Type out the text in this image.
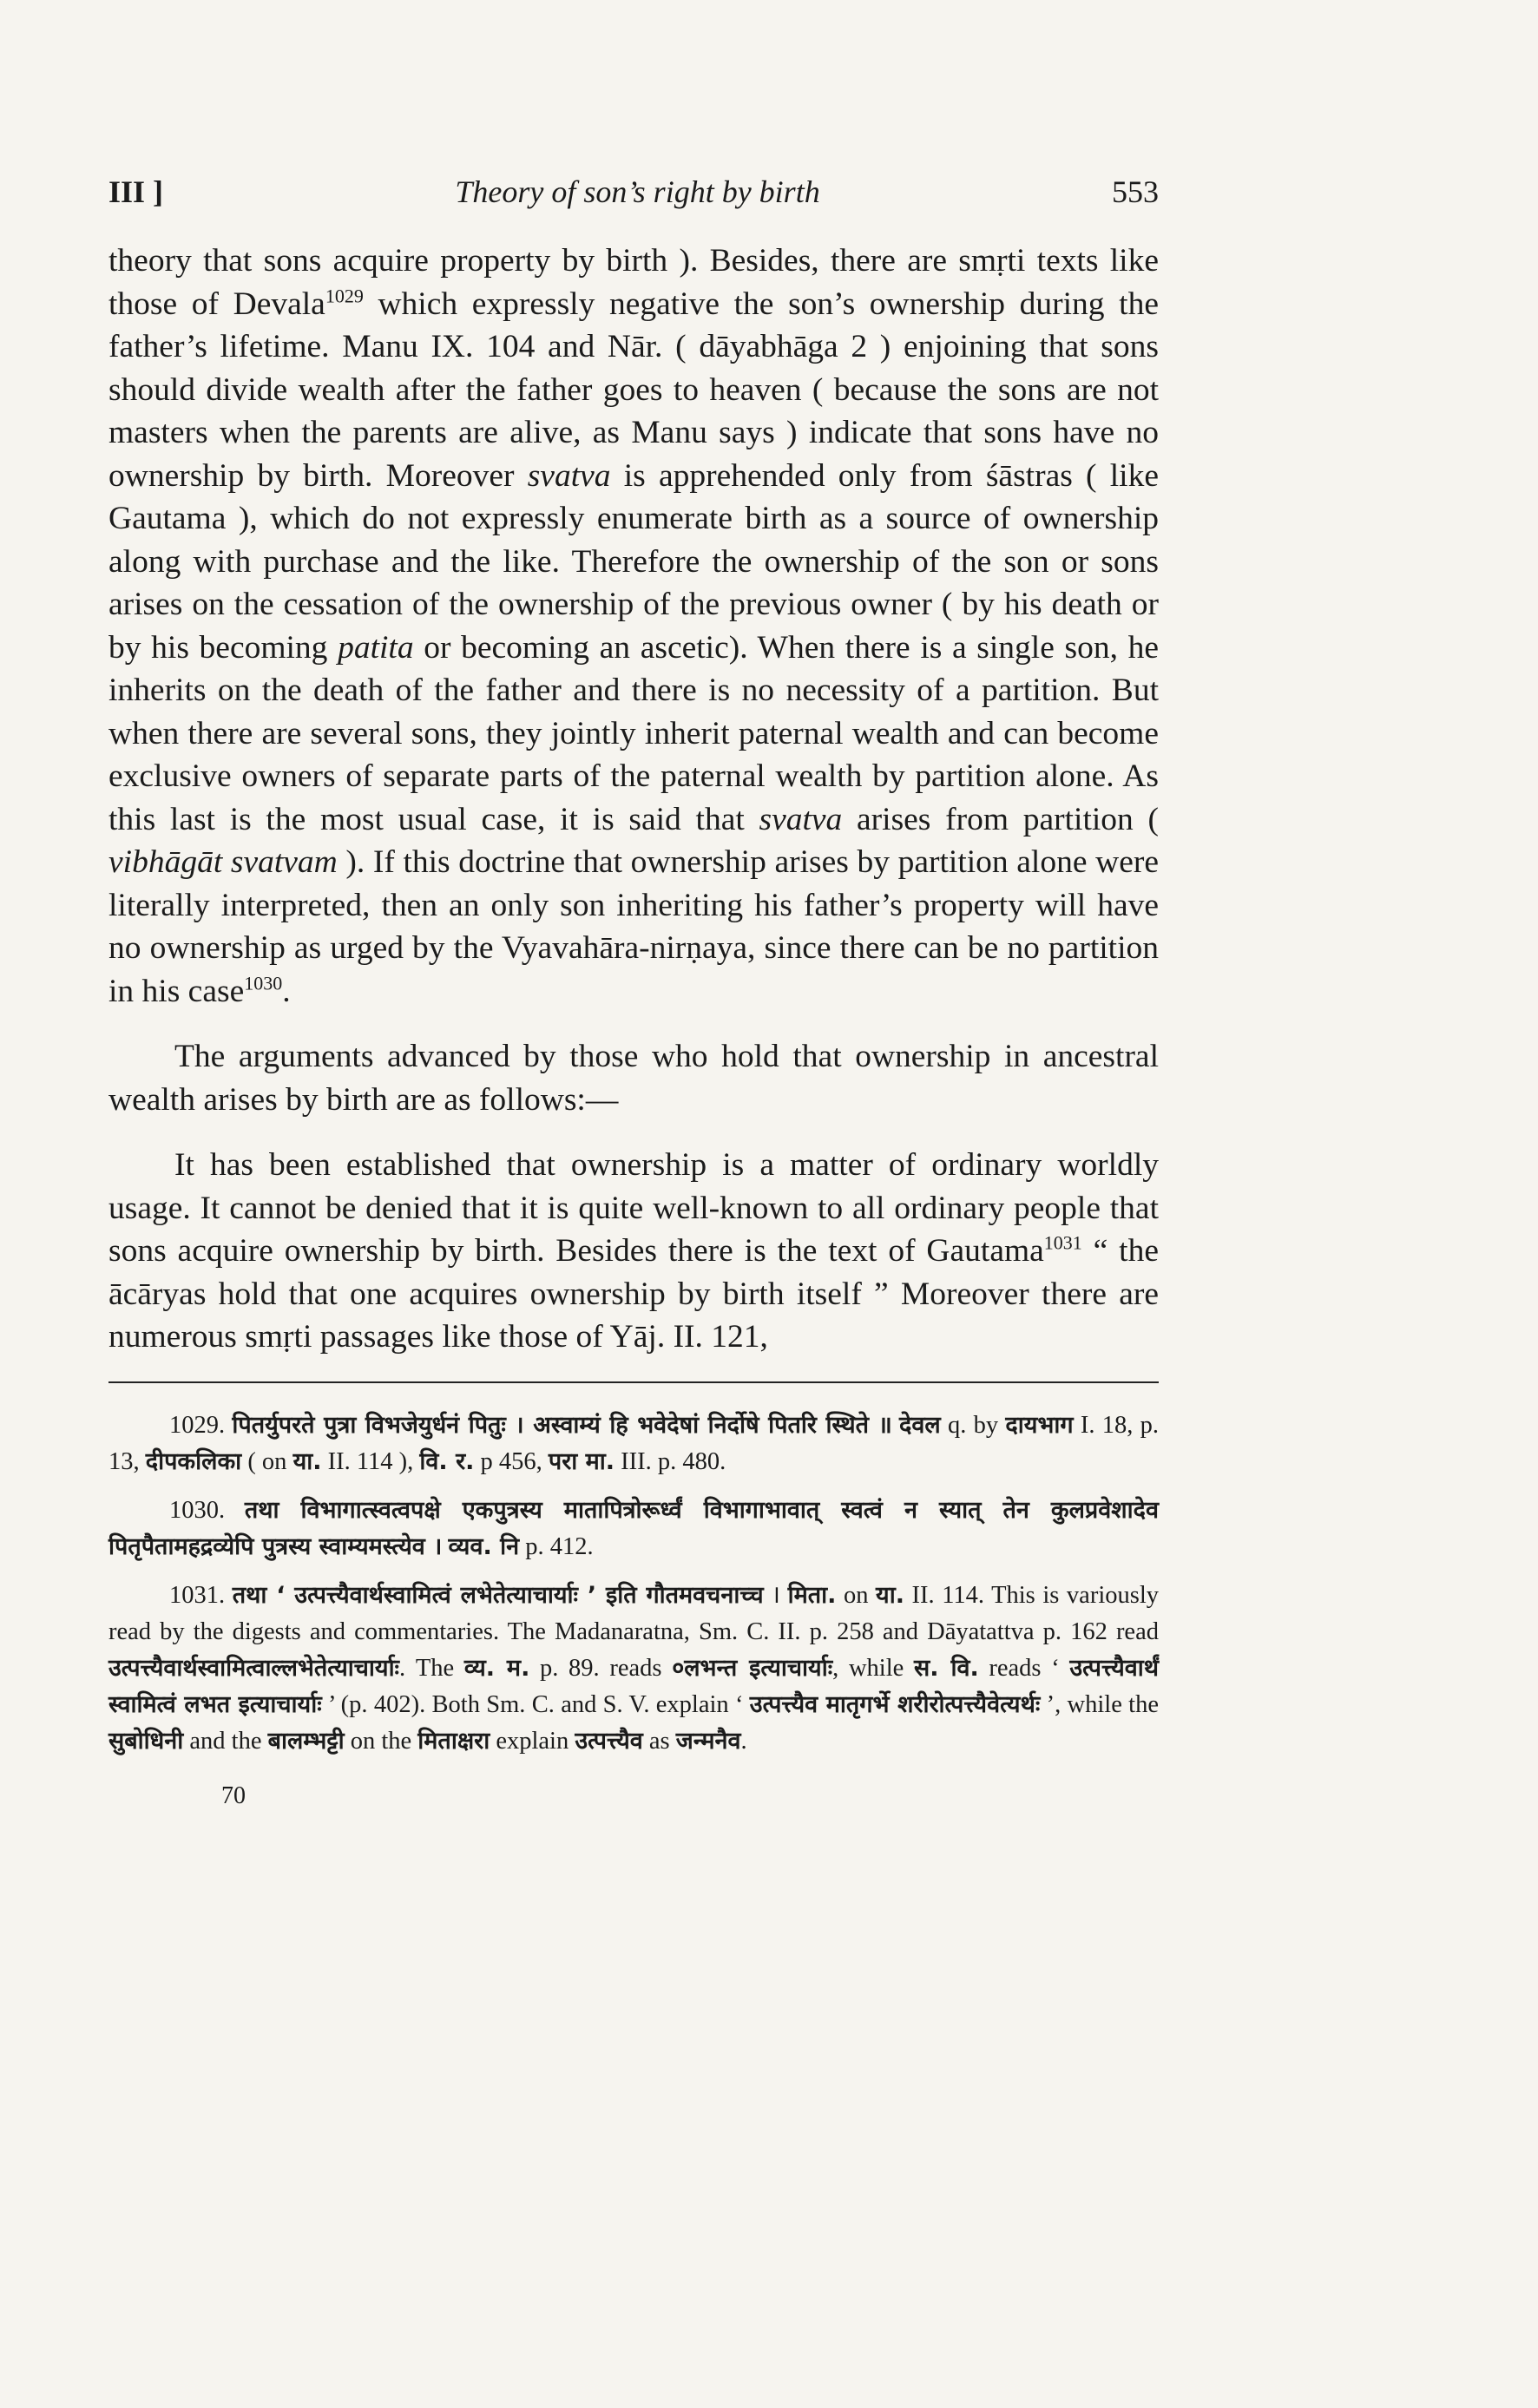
III ]	Theory of son’s right by birth	553

theory that sons acquire property by birth ). Besides, there are smṛti texts like those of Devala$^{1029}$ which expressly negative the son’s ownership during the father’s lifetime. Manu IX. 104 and Nār. ( dāyabhāga 2 ) enjoining that sons should divide wealth after the father goes to heaven ( because the sons are not masters when the parents are alive, as Manu says ) indicate that sons have no ownership by birth. Moreover svatva is apprehended only from śāstras ( like Gautama ), which do not expressly enumerate birth as a source of ownership along with purchase and the like. Therefore the ownership of the son or sons arises on the cessation of the ownership of the previous owner ( by his death or by his becoming patita or becoming an ascetic). When there is a single son, he inherits on the death of the father and there is no necessity of a partition. But when there are several sons, they jointly inherit paternal wealth and can become exclusive owners of separate parts of the paternal wealth by partition alone. As this last is the most usual case, it is said that svatva arises from partition ( vibhāgāt svatvam ). If this doctrine that ownership arises by partition alone were literally interpreted, then an only son inheriting his father’s property will have no ownership as urged by the Vyavahāra-nirṇaya, since there can be no partition in his case$^{1030}$.

The arguments advanced by those who hold that ownership in ancestral wealth arises by birth are as follows:—

It has been established that ownership is a matter of ordinary worldly usage. It cannot be denied that it is quite well-known to all ordinary people that sons acquire ownership by birth. Besides there is the text of Gautama$^{1031}$ “ the ācāryas hold that one acquires ownership by birth itself ” Moreover there are numerous smṛti passages like those of Yāj. II. 121,

1029. पितर्युपरते पुत्रा विभजेयुर्धनं पितुः । अस्वाम्यं हि भवेदेषां निर्दोषे पितरि स्थिते ॥ देवल q. by दायभाग I. 18, p. 13, दीपकलिका ( on या. II. 114 ), वि. र. p 456, परा मा. III. p. 480.

1030. तथा विभागात्स्वत्वपक्षे एकपुत्रस्य मातापित्रोरूर्ध्वं विभागाभावात् स्वत्वं न स्यात् तेन कुलप्रवेशादेव पितृपैतामहद्रव्येपि पुत्रस्य स्वाम्यमस्त्येव । व्यव. नि p. 412.

1031. तथा ‘ उत्पत्त्यैवार्थस्वामित्वं लभेतेत्याचार्याः ’ इति गौतमवचनाच्च । मिता. on या. II. 114. This is variously read by the digests and commentaries. The Madanaratna, Sm. C. II. p. 258 and Dāyatattva p. 162 read उत्पत्त्यैवार्थस्वामित्वाल्लभेतेत्याचार्याः. The व्य. म. p. 89. reads ०लभन्त इत्याचार्याः, while स. वि. reads ‘ उत्पत्त्यैवार्थं स्वामित्वं लभत इत्याचार्याः ’ (p. 402). Both Sm. C. and S. V. explain ‘ उत्पत्त्यैव मातृगर्भे शरीरोत्पत्त्यैवेत्यर्थः ’, while the सुबोधिनी and the बालम्भट्टी on the मिताक्षरा explain उत्पत्त्यैव as जन्मनैव.

70
